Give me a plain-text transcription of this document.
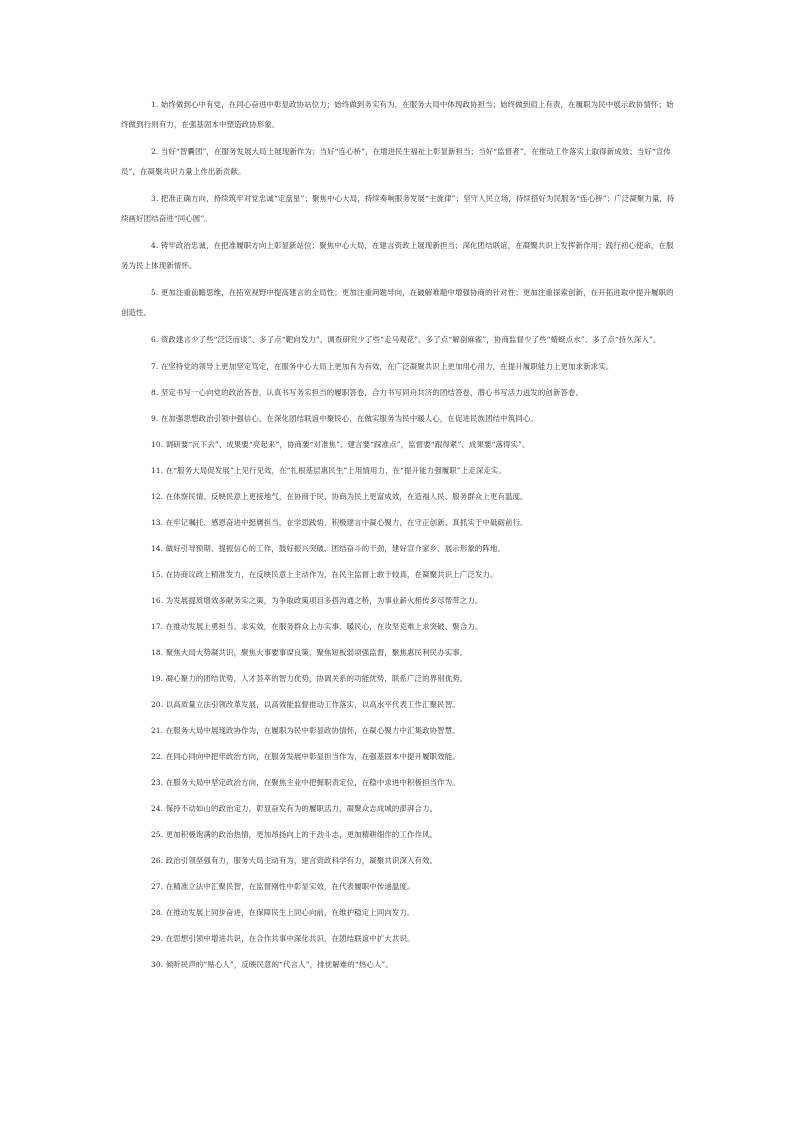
1. 始终做到心中有党，在同心奋进中彰显政协站位力；始终做到务实有为，在服务大局中体现政协担当；始终做到肩上有责，在履职为民中展示政协情怀；始终做到行则有力，在强基固本中塑造政协形象。

2. 当好“智囊团”，在服务发展大局上展现新作为；当好“连心桥”，在增进民生福祉上彰显新担当；当好“监督者”，在推动工作落实上取得新成效；当好“宣传员”，在凝聚共识力量上作出新贡献。

3. 把准正确方向，持续筑牢对党忠诚“定盘星”；聚焦中心大局，持续奏响服务发展“主旋律”；坚守人民立场，持续搭好为民服务“连心桥”；广泛凝聚力量，持续画好团结奋进“同心圆”。

4. 铸牢政治忠诚，在把准履职方向上彰显新站位；聚焦中心大局，在建言资政上展现新担当；深化团结联谊，在凝聚共识上发挥新作用；践行初心使命，在服务为民上体现新情怀。

5. 更加注重前瞻思维，在拓宽视野中提高建言的全局性；更加注重问题导向，在破解难题中增强协商的针对性；更加注重探索创新，在开拓进取中提升履职的创造性。

6. 资政建言少了些“泛泛而谈”、多了点“靶向发力”，调查研究少了些“走马观花”、多了点“解剖麻雀”，协商监督少了些“蜻蜓点水”、多了点“持久深入”。

7. 在坚持党的领导上更加坚定笃定，在服务中心大局上更加有为有效，在广泛凝聚共识上更加用心用力，在提升履职能力上更加求新求实。

8. 坚定书写一心向党的政治答卷，认真书写务实担当的履职答卷，合力书写同舟共济的团结答卷，潜心书写活力迸发的创新答卷。

9. 在加强思想政治引领中强信心，在深化团结联谊中聚民心，在做实服务为民中暖人心，在促进民族团结中筑同心。

10. 调研要“沉下去”、成果要“亮起来”，协商要“对准焦”、建言要“踩准点”，监督要“跟得紧”、成果要“落得实”。

11. 在“服务大局促发展”上见行见效，在“扎根基层惠民生”上用情用力，在“提升能力强履职”上走深走实。

12. 在体察民情、反映民意上更接地气，在协商于民、协商为民上更富成效，在造福人民、服务群众上更有温度。

13. 在牢记嘱托、感恩奋进中挺膺担当，在学思践悟、积极建言中凝心聚力，在守正创新、真抓实干中砥砺前行。

14. 做好引导预期、提振信心的工作，鼓好振兴突破、团结奋斗的干劲，建好宣介家乡、展示形象的阵地。

15. 在协商议政上精准发力，在反映民意上主动作为，在民主监督上敢于较真，在凝聚共识上广泛发力。

16. 为发展提质增效多献务实之策，为争取政策项目多搭沟通之桥，为事业薪火相传多尽帮带之力。

17. 在推动发展上勇担当、求实效，在服务群众上办实事、暖民心，在攻坚克难上求突破、聚合力。

18. 聚焦大局大势凝共识，聚焦大事要事谋良策，聚焦短板弱项强监督，聚焦惠民利民办实事。

19. 凝心聚力的团结优势，人才荟萃的智力优势，协调关系的功能优势，联系广泛的界别优势。

20. 以高质量立法引领改革发展，以高效能监督推动工作落实，以高水平代表工作汇聚民智。

21. 在服务大局中展现政协作为，在履职为民中彰显政协情怀，在凝心聚力中汇集政协智慧。

22. 在同心同向中把牢政治方向，在服务发展中彰显担当作为，在强基固本中提升履职效能。

23. 在服务大局中坚定政治方向，在聚焦主业中把握职责定位，在稳中求进中积极担当作为。

24. 保持不动如山的政治定力，彰显奋发有为的履职活力，凝聚众志成城的澎湃合力。

25. 更加积极饱满的政治热情，更加昂扬向上的干劲斗志，更加精耕细作的工作作风。

26. 政治引领坚强有力，服务大局主动有为，建言资政科学有力，凝聚共识深入有效。

27. 在精准立法中汇聚民智，在监督刚性中彰显实效，在代表履职中传递温度。

28. 在推动发展上同步奋进，在保障民生上同心向前，在维护稳定上同向发力。

29. 在思想引领中增进共识，在合作共事中深化共识，在团结联谊中扩大共识。

30. 倾听民声的“贴心人”，反映民意的“代言人”，排忧解难的“热心人”。
